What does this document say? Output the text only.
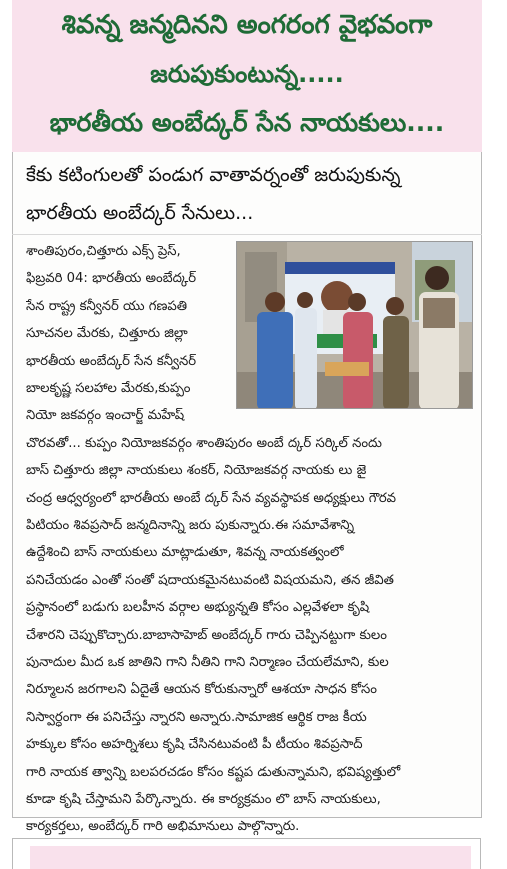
శివన్న జన్మదినని అంగరంగ వైభవంగా
జరుపుకుంటున్న.....
భారతీయ అంబేద్కర్ సేన నాయకులు....
కేకు కటింగులతో పండుగ వాతావర్నంతో జరుపుకున్న
భారతీయ అంబేద్కర్ సేనులు...
శాంతిపురం,చిత్తూరు ఎక్స్ ప్రెస్,
ఫిబ్రవరి 04: భారతీయ అంబేద్కర్
సేన రాష్ట్ర కన్వీనర్ యు గణపతి
సూచనల మేరకు, చిత్తూరు జిల్లా
భారతీయ అంబేద్కర్ సేన కన్వీనర్
బాలకృష్ణ సలహాల మేరకు,కుప్పం
నియో జకవర్గం ఇంచార్జ్ మహేష్
చొరవతో... కుప్పం నియోజకవర్గం శాంతిపురం అంబే ద్కర్ సర్కిల్ నందు
బాస్ చిత్తూరు జిల్లా నాయకులు శంకర్, నియోజకవర్గ నాయకు లు జై
చంద్ర ఆధ్వర్యంలో భారతీయ అంబే ద్కర్ సేన వ్యవస్థాపక అధ్యక్షులు గౌరవ
పిటియం శివప్రసాద్ జన్మదినాన్ని జరు పుకున్నారు.ఈ సమావేశాన్ని
ఉద్దేశించి బాస్ నాయకులు మాట్లాడుతూ, శివన్న నాయకత్వంలో
పనిచేయడం ఎంతో సంతో షదాయకమైనటువంటి విషయమని, తన జీవిత
ప్రస్థానంలో బడుగు బలహీన వర్గాల అభ్యున్నతి కోసం ఎల్లవేళలా కృషి
చేశారని చెప్పుకొచ్చారు.బాబాసాహెబ్ అంబేద్కర్ గారు చెప్పినట్టుగా కులం
పునాదుల మీద ఒక జాతిని గాని నీతిని గాని నిర్మాణం చేయలేమాని, కుల
నిర్మూలన జరగాలని ఏదైతే ఆయన కోరుకున్నారో ఆశయా సాధన కోసం
నిస్వార్ధంగా ఈ పనిచేస్తు న్నారని అన్నారు.సామాజిక ఆర్థిక రాజ కీయ
హక్కుల కోసం అహర్నిశలు కృషి చేసినటువంటి పీ టీయం శివప్రసాద్
గారి నాయక త్వాన్ని బలపరచడం కోసం కష్టప డుతున్నామని, భవిష్యత్తులో
కూడా కృషి చేస్తామని పేర్కొన్నారు. ఈ కార్యక్రమం లొ బాస్ నాయకులు,
కార్యకర్తలు, అంబేద్కర్ గారి అభిమానులు పాల్గొన్నారు.
